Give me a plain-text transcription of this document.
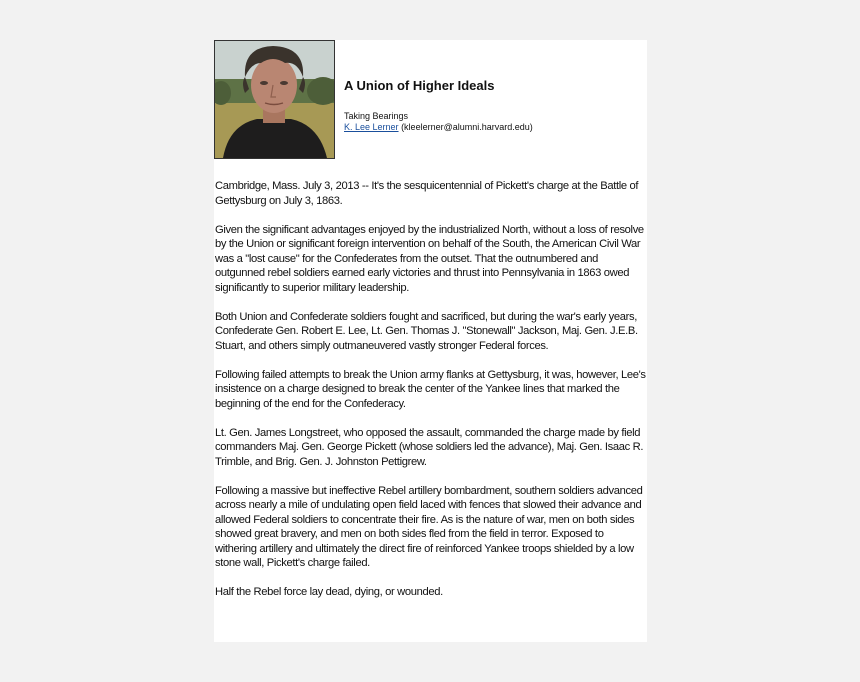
A Union of Higher Ideals
Taking Bearings
K. Lee Lerner (kleelerner@alumni.harvard.edu)

Cambridge, Mass. July 3, 2013 -- It's the sesquicentennial of Pickett's charge at the Battle of Gettysburg on July 3, 1863.

Given the significant advantages enjoyed by the industrialized North, without a loss of resolve by the Union or significant foreign intervention on behalf of the South, the American Civil War was a "lost cause" for the Confederates from the outset. That the outnumbered and outgunned rebel soldiers earned early victories and thrust into Pennsylvania in 1863 owed significantly to superior military leadership.

Both Union and Confederate soldiers fought and sacrificed, but during the war's early years, Confederate Gen. Robert E. Lee, Lt. Gen. Thomas J. "Stonewall" Jackson, Maj. Gen. J.E.B. Stuart, and others simply outmaneuvered vastly stronger Federal forces.

Following failed attempts to break the Union army flanks at Gettysburg, it was, however, Lee's insistence on a charge designed to break the center of the Yankee lines that marked the beginning of the end for the Confederacy.

Lt. Gen. James Longstreet, who opposed the assault, commanded the charge made by field commanders Maj. Gen. George Pickett (whose soldiers led the advance), Maj. Gen. Isaac R. Trimble, and Brig. Gen. J. Johnston Pettigrew.

Following a massive but ineffective Rebel artillery bombardment, southern soldiers advanced across nearly a mile of undulating open field laced with fences that slowed their advance and allowed Federal soldiers to concentrate their fire. As is the nature of war, men on both sides showed great bravery, and men on both sides fled from the field in terror. Exposed to withering artillery and ultimately the direct fire of reinforced Yankee troops shielded by a low stone wall, Pickett's charge failed.

Half the Rebel force lay dead, dying, or wounded.
